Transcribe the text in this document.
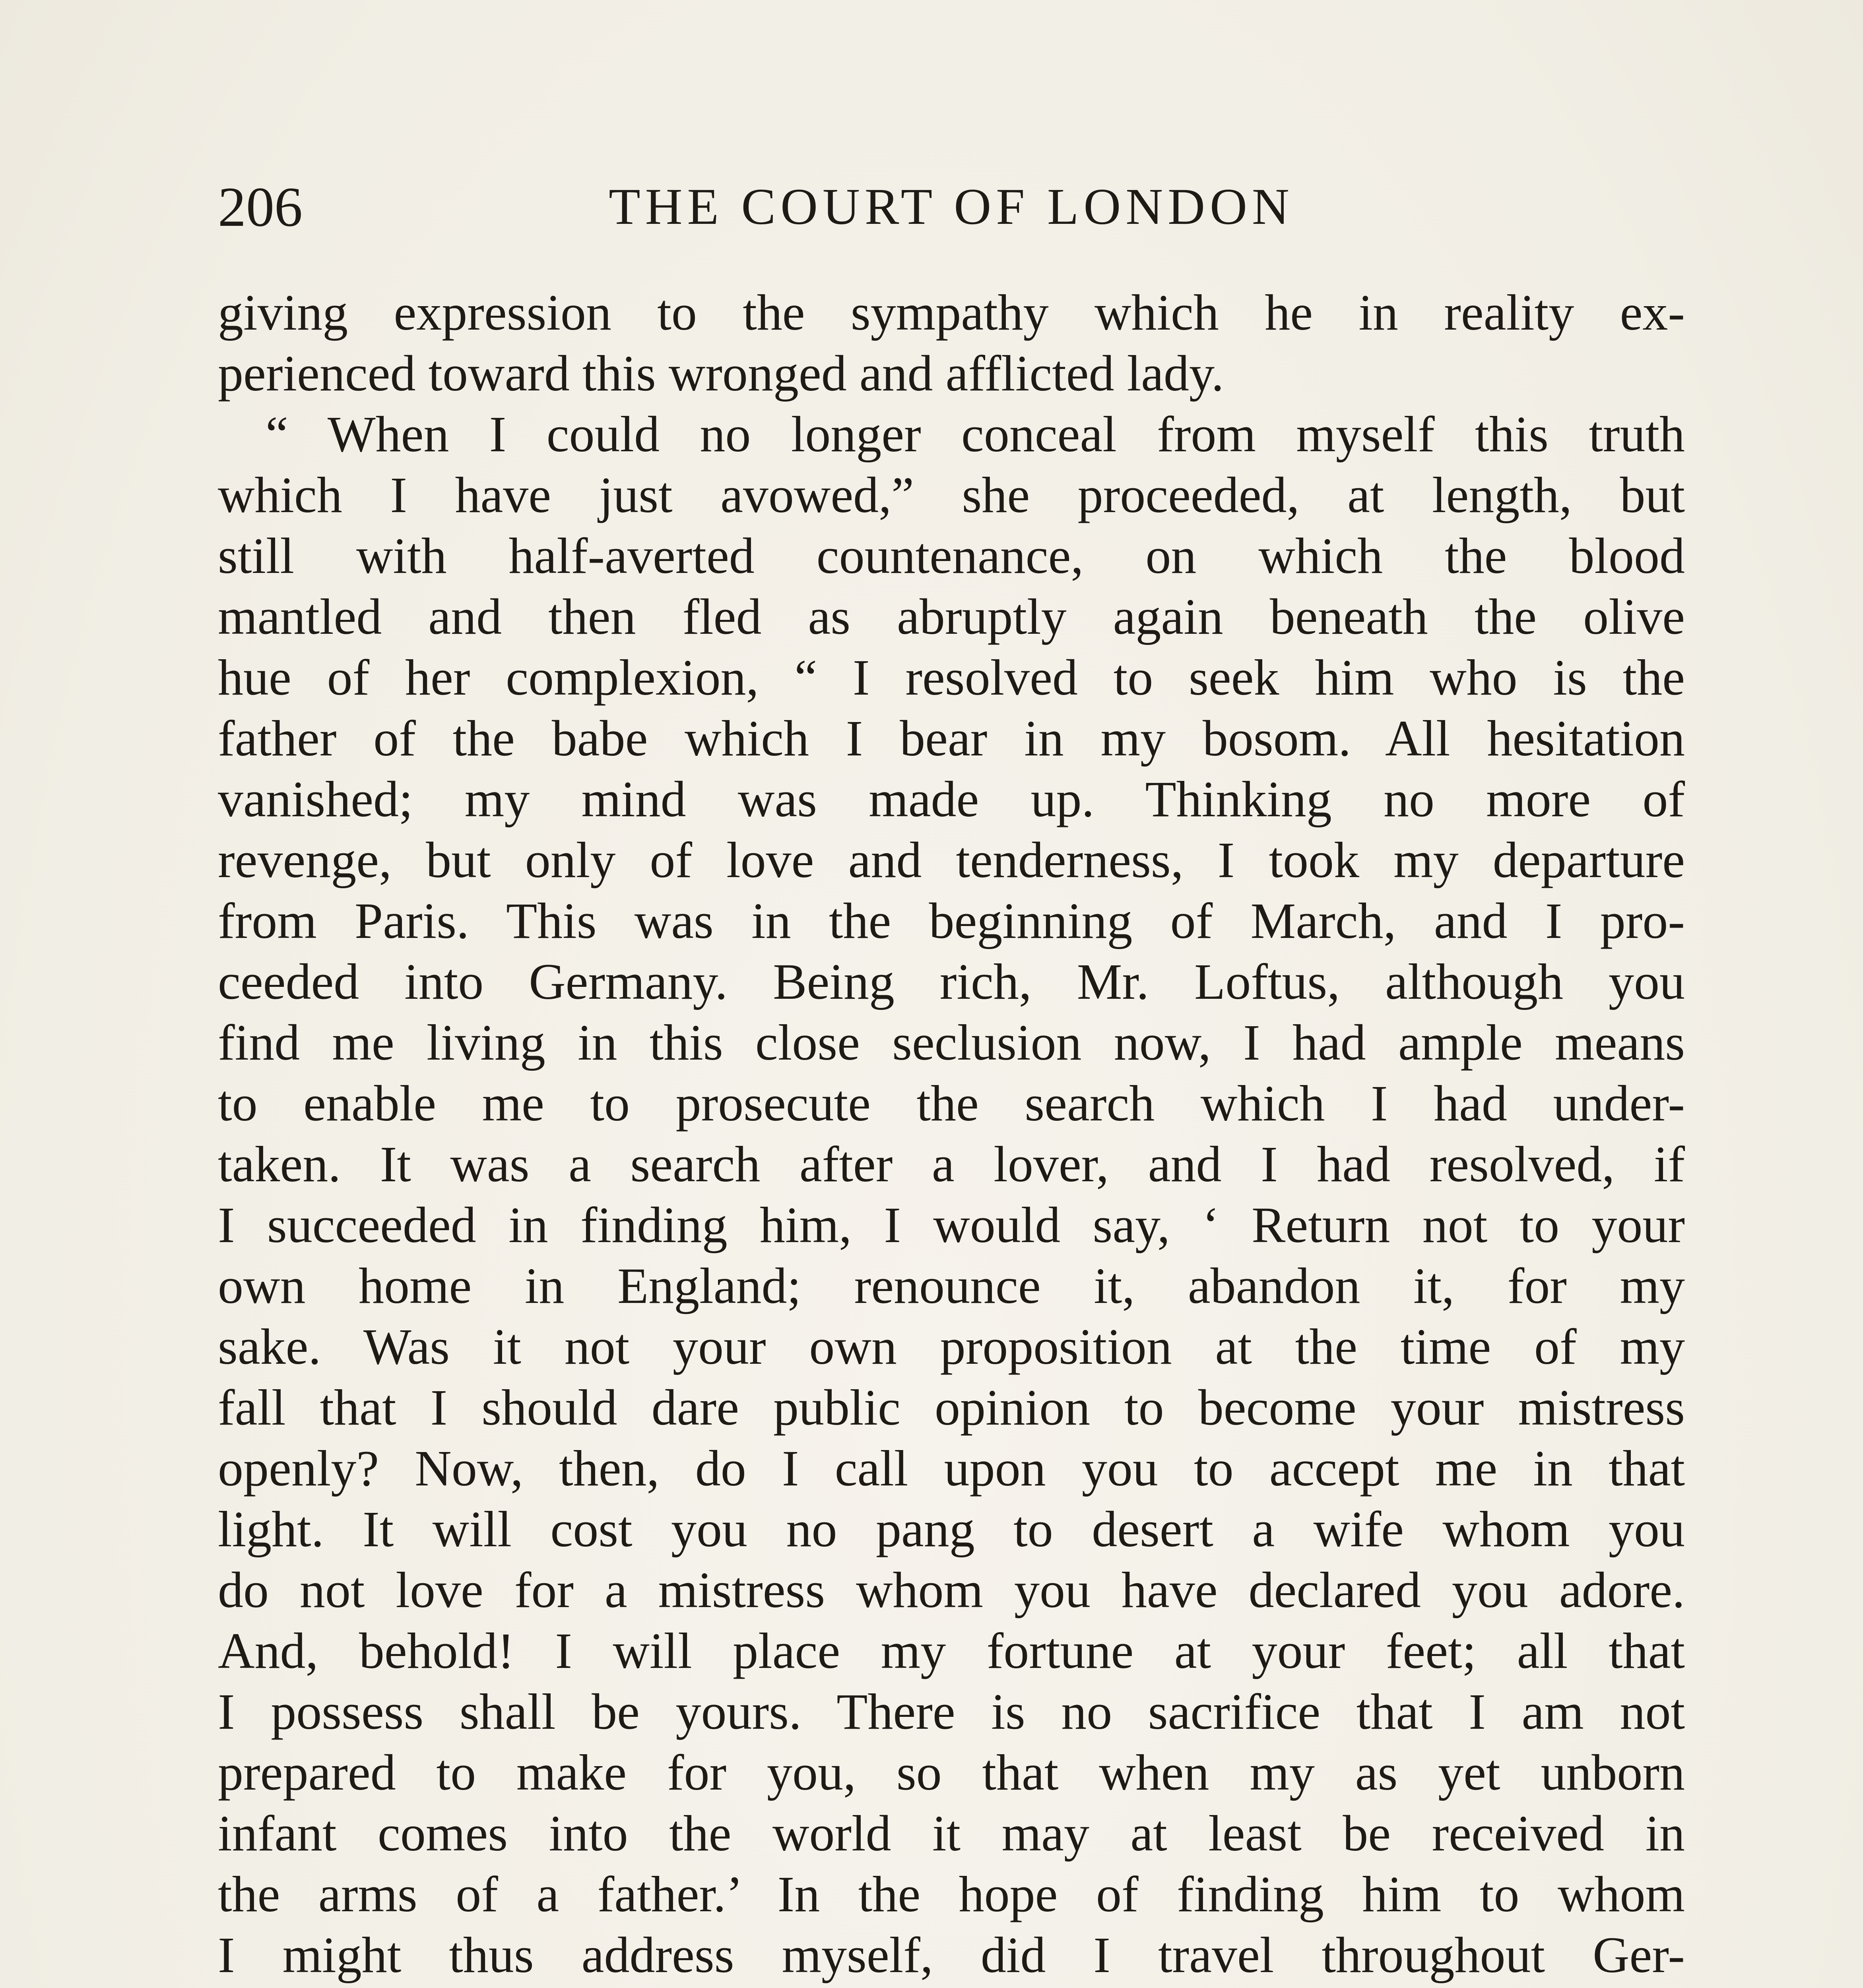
206	THE COURT OF LONDON
giving expression to the sympathy which he in reality ex-
perienced toward this wronged and afflicted lady.
“ When I could no longer conceal from myself this truth
which I have just avowed,” she proceeded, at length, but
still with half-averted countenance, on which the blood
mantled and then fled as abruptly again beneath the olive
hue of her complexion, “ I resolved to seek him who is the
father of the babe which I bear in my bosom. All hesitation
vanished; my mind was made up. Thinking no more of
revenge, but only of love and tenderness, I took my departure
from Paris. This was in the beginning of March, and I pro-
ceeded into Germany. Being rich, Mr. Loftus, although you
find me living in this close seclusion now, I had ample means
to enable me to prosecute the search which I had under-
taken. It was a search after a lover, and I had resolved, if
I succeeded in finding him, I would say, ‘ Return not to your
own home in England; renounce it, abandon it, for my
sake. Was it not your own proposition at the time of my
fall that I should dare public opinion to become your mistress
openly? Now, then, do I call upon you to accept me in that
light. It will cost you no pang to desert a wife whom you
do not love for a mistress whom you have declared you adore.
And, behold! I will place my fortune at your feet; all that
I possess shall be yours. There is no sacrifice that I am not
prepared to make for you, so that when my as yet unborn
infant comes into the world it may at least be received in
the arms of a father.’ In the hope of finding him to whom
I might thus address myself, did I travel throughout Ger-
